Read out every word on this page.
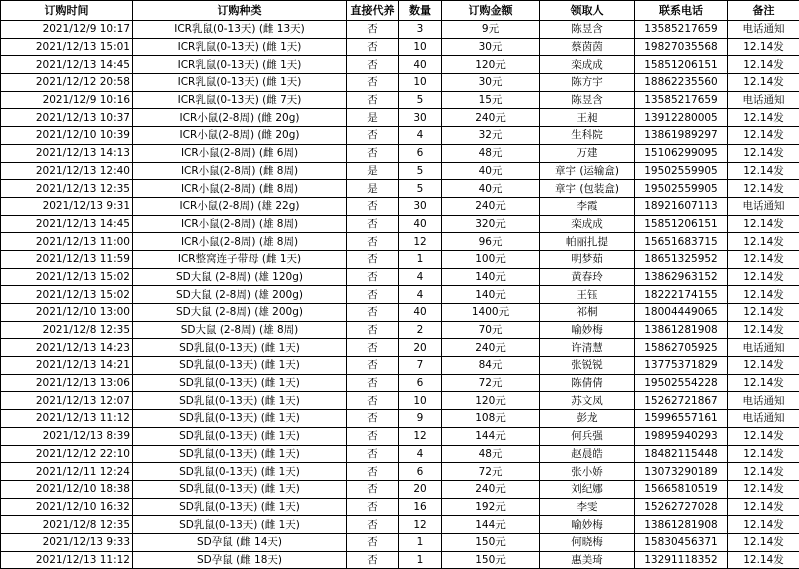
订购时间	订购种类	直接代养	数量	订购金额	领取人	联系电话	备注
2021/12/9 10:17	ICR乳鼠(0-13天) (雌 13天)	否	3	9元	陈昱含	13585217659	电话通知
2021/12/13 15:01	ICR乳鼠(0-13天) (雌 1天)	否	10	30元	蔡茵茵	19827035568	12.14发
2021/12/13 14:45	ICR乳鼠(0-13天) (雌 1天)	否	40	120元	栾成成	15851206151	12.14发
2021/12/12 20:58	ICR乳鼠(0-13天) (雌 1天)	否	10	30元	陈方宇	18862235560	12.14发
2021/12/9 10:16	ICR乳鼠(0-13天) (雌 7天)	否	5	15元	陈昱含	13585217659	电话通知
2021/12/13 10:37	ICR小鼠(2-8周) (雌 20g)	是	30	240元	王昶	13912280005	12.14发
2021/12/10 10:39	ICR小鼠(2-8周) (雌 20g)	否	4	32元	生科院	13861989297	12.14发
2021/12/13 14:13	ICR小鼠(2-8周) (雌 6周)	否	6	48元	万建	15106299095	12.14发
2021/12/13 12:40	ICR小鼠(2-8周) (雌 8周)	是	5	40元	章宇 (运输盒)	19502559905	12.14发
2021/12/13 12:35	ICR小鼠(2-8周) (雌 8周)	是	5	40元	章宇 (包装盒)	19502559905	12.14发
2021/12/13 9:31	ICR小鼠(2-8周) (雄 22g)	否	30	240元	李霞	18921607113	电话通知
2021/12/13 14:45	ICR小鼠(2-8周) (雄 8周)	否	40	320元	栾成成	15851206151	12.14发
2021/12/13 11:00	ICR小鼠(2-8周) (雄 8周)	否	12	96元	帕丽扎提	15651683715	12.14发
2021/12/13 11:59	ICR整窝连子带母 (雌 1天)	否	1	100元	明梦茹	18651325952	12.14发
2021/12/13 15:02	SD大鼠 (2-8周) (雄 120g)	否	4	140元	黄春玲	13862963152	12.14发
2021/12/13 15:02	SD大鼠 (2-8周) (雄 200g)	否	4	140元	王钰	18222174155	12.14发
2021/12/10 13:00	SD大鼠 (2-8周) (雄 200g)	否	40	1400元	祁桐	18004449065	12.14发
2021/12/8 12:35	SD大鼠 (2-8周) (雄 8周)	否	2	70元	喻妙梅	13861281908	12.14发
2021/12/13 14:23	SD乳鼠(0-13天) (雌 1天)	否	20	240元	许清慧	15862705925	电话通知
2021/12/13 14:21	SD乳鼠(0-13天) (雌 1天)	否	7	84元	张锐锐	13775371829	12.14发
2021/12/13 13:06	SD乳鼠(0-13天) (雌 1天)	否	6	72元	陈倩倩	19502554228	12.14发
2021/12/13 12:07	SD乳鼠(0-13天) (雌 1天)	否	10	120元	苏文凤	15262721867	电话通知
2021/12/13 11:12	SD乳鼠(0-13天) (雌 1天)	否	9	108元	彭龙	15996557161	电话通知
2021/12/13 8:39	SD乳鼠(0-13天) (雌 1天)	否	12	144元	何兵强	19895940293	12.14发
2021/12/12 22:10	SD乳鼠(0-13天) (雌 1天)	否	4	48元	赵晨皓	18482115448	12.14发
2021/12/11 12:24	SD乳鼠(0-13天) (雌 1天)	否	6	72元	张小娇	13073290189	12.14发
2021/12/10 18:38	SD乳鼠(0-13天) (雌 1天)	否	20	240元	刘纪娜	15665810519	12.14发
2021/12/10 16:32	SD乳鼠(0-13天) (雌 1天)	否	16	192元	李雯	15262727028	12.14发
2021/12/8 12:35	SD乳鼠(0-13天) (雌 1天)	否	12	144元	喻妙梅	13861281908	12.14发
2021/12/13 9:33	SD孕鼠 (雌 14天)	否	1	150元	何晓梅	15830456371	12.14发
2021/12/13 11:12	SD孕鼠 (雌 18天)	否	1	150元	惠美琦	13291118352	12.14发
